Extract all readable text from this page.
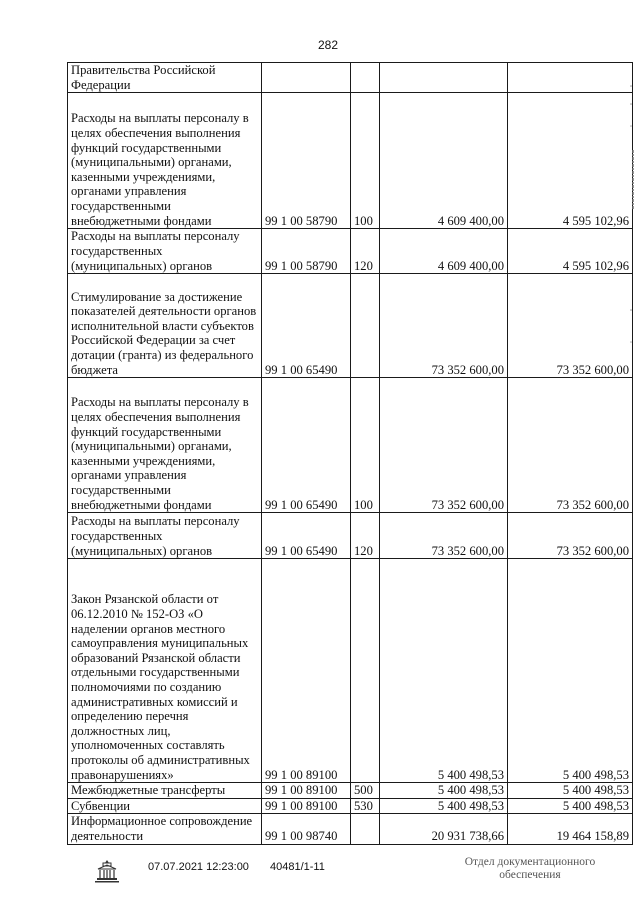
282
Правительства Российской Федерации				
Расходы на выплаты персоналу в целях обеспечения выполнения функций государственными (муниципальными) органами, казенными учреждениями, органами управления государственными внебюджетными фондами	99 1 00 58790	100	4 609 400,00	4 595 102,96
Расходы на выплаты персоналу государственных (муниципальных) органов	99 1 00 58790	120	4 609 400,00	4 595 102,96
Стимулирование за достижение показателей деятельности органов исполнительной власти субъектов Российской Федерации за счет дотации (гранта) из федерального бюджета	99 1 00 65490		73 352 600,00	73 352 600,00
Расходы на выплаты персоналу в целях обеспечения выполнения функций государственными (муниципальными) органами, казенными учреждениями, органами управления государственными внебюджетными фондами	99 1 00 65490	100	73 352 600,00	73 352 600,00
Расходы на выплаты персоналу государственных (муниципальных) органов	99 1 00 65490	120	73 352 600,00	73 352 600,00
Закон Рязанской области от 06.12.2010 № 152-ОЗ «О наделении органов местного самоуправления муниципальных образований Рязанской области отдельными государственными полномочиями по созданию административных комиссий и определению перечня должностных лиц, уполномоченных составлять протоколы об административных правонарушениях»	99 1 00 89100		5 400 498,53	5 400 498,53
Межбюджетные трансферты	99 1 00 89100	500	5 400 498,53	5 400 498,53
Субвенции	99 1 00 89100	530	5 400 498,53	5 400 498,53
Информационное сопровождение деятельности	99 1 00 98740		20 931 738,66	19 464 158,89
07.07.2021 12:23:00 40481/1-11	Отдел документационного
обеспечения
